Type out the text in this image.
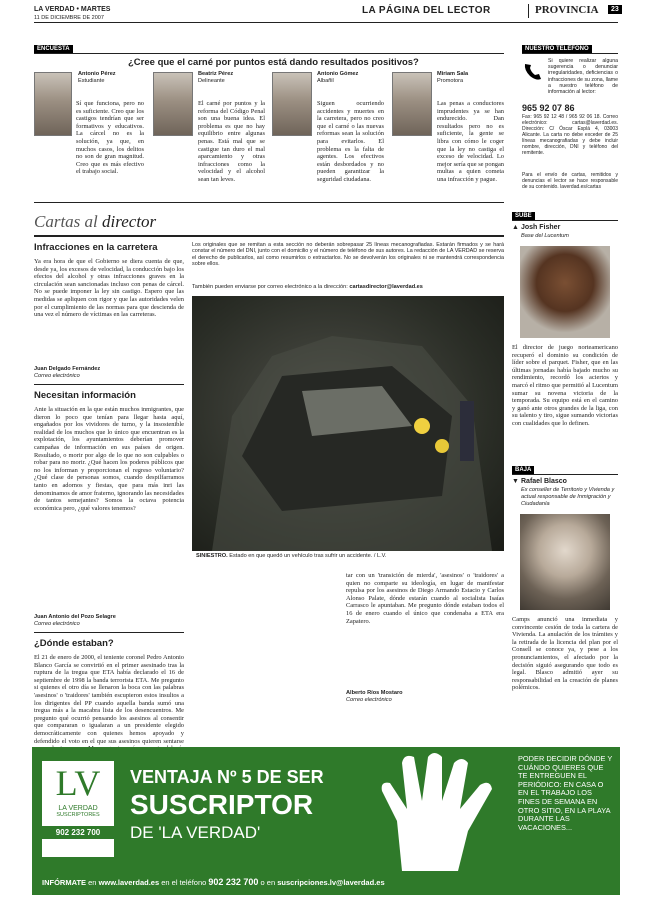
LA VERDAD • MARTES
11 DE DICIEMBRE DE 2007
LA PÁGINA DEL LECTOR	PROVINCIA	23
ENCUESTA
¿Cree que el carné por puntos está dando resultados positivos?
Antonio Pérez
Estudiante
Sí que funciona, pero no es suficiente. Creo que los castigos tendrían que ser formativos y educativos. La cárcel no es la solución, ya que, en muchos casos, los delitos no son de gran magnitud. Creo que es más efectivo el trabajo social.
Beatriz Pérez
Delineante
El carné por puntos y la reforma del Código Penal son una buena idea. El problema es que no hay equilibrio entre algunas penas. Está mal que se castigue tan duro el mal aparcamiento y otras infracciones como la velocidad y el alcohol sean tan leves.
Antonio Gómez
Albañil
Siguen ocurriendo accidentes y muertes en la carretera, pero no creo que el carné o las nuevas reformas sean la solución para evitarlos. El problema es la falta de agentes. Los efectivos están desbordados y no pueden garantizar la seguridad ciudadana.
Miriam Sala
Promotora
Las penas a conductores imprudentes ya se han endurecido. Dan resultados pero no es suficiente, la gente se libra con cómo le coger que la ley no castiga el exceso de velocidad. Lo mejor sería que se pongan multas a quien cometa una infracción y pague.
NUESTRO TELÉFONO
Si quiere realizar alguna sugerencia o denunciar irregularidades, deficiencias o infracciones de su zona, llame a nuestro teléfono de información al lector:
965 92 07 86
Fax: 965 92 12 48 / 965 92 06 18. Correo electrónico: cartas@laverdad.es. Dirección: C/ Óscar Esplá 4, 03003 Alicante. La carta no debe exceder de 25 líneas mecanografiadas y debe incluir nombre, dirección, DNI y teléfono del remitente.
Para el envío de cartas, remitidos y denuncias el lector se hace responsable de su contenido. laverdad.es/cartas
Cartas al director
Infracciones en la carretera
Ya era hora de que el Gobierno se diera cuenta de que, desde ya, los excesos de velocidad, la conducción bajo los efectos del alcohol y otras infracciones graves en la circulación sean sancionadas incluso con penas de cárcel. No se puede imponer la ley sin castigo. Espero que las medidas se apliquen con rigor y que las autoridades velen por el cumplimiento de las normas para que descienda de una vez el número de víctimas en las carreteras.
Juan Delgado Fernández
Correo electrónico
Necesitan información
Ante la situación en la que están muchos inmigrantes, que dieron lo poco que tenían para llegar hasta aquí, engañados por los vividores de turno, y la insostenible realidad de los muchos que lo único que encuentran es la explotación, los ayuntamientos deberían promover campañas de información en sus países de origen. Resultado, o morir por algo de lo que no son culpables o robar para no morir. ¿Qué hacen los poderes públicos que no los informan y proporcionan el regreso voluntario? ¿Qué clase de personas somos, cuando despilfarramos tanto en adornos y fiestas, que para más inri las denominamos de amor fraterno, ignorando las necesidades de tantos semejantes? Somos la octava potencia económica pero, ¿qué valores tenemos?
Juan Antonio del Pozo Selagre
Correo electrónico
¿Dónde estaban?
El 21 de enero de 2000, el teniente coronel Pedro Antonio Blanco García se convirtió en el primer asesinado tras la ruptura de la tregua que ETA había declarado el 16 de septiembre de 1998 la banda terrorista ETA. Me pregunto si quienes el otro día se llenaron la boca con las palabras 'asesinos' o 'traidores' también escupieron estos insultos a los dirigentes del PP cuando aquella banda sumó una tregua más a la macabra lista de los desencuentros. Me pregunto qué ocurrió pensando los asesinos al consentir que compararan o igualaran a un presidente elegido democráticamente con quienes hemos apoyado y defendido el voto en el que sus asesinos quieren sentarse
Los originales que se remitan a esta sección no deberán sobrepasar 25 líneas mecanografiadas. Estarán firmados y se hará constar el número del DNI, junto con el domicilio y el número de teléfono de sus autores. La redacción de LA VERDAD se reserva el derecho de publicarlos, así como resumirlos o extractarlos. No se devolverán los originales ni se mantendrá correspondencia sobre ellos.
También pueden enviarse por correo electrónico a la dirección: cartasdirector@laverdad.es
SINIESTRO. Estado en que quedó un vehículo tras sufrir un accidente. / L.V.
tar con un 'transición de mierda', 'asesinos' o 'traidores' a quien no comparte su ideología, en lugar de manifestar repulsa por los asesinos de Diego Armando Estacio y Carlos Alonso Palate, dónde estarán cuando al socialista Isaías Carrasco le apuntaban. Me pregunto dónde estaban todos el 16 de enero cuando el único que condenaba a ETA era Zapatero.
Alberto Ríos Mostaro
Correo electrónico
SUBE
▲ Josh Fisher
Base del Lucentum
El director de juego norteamericano recuperó el dominio su condición de líder sobre el parquet. Fisher, que en las últimas jornadas había bajado mucho su rendimiento, recordó los aciertos y marcó el ritmo que permitió al Lucentum sumar su novena victoria de la temporada. Su equipo está en el camino y ganó ante otros grandes de la liga, con su talento y tiro, sigue sumando victorias con cualidades que lo definen.
BAJA
▼ Rafael Blasco
Ex conseller de Territorio y Vivienda y actual responsable de Inmigración y Ciudadanía
Camps anunció una inmediata y convincente cesión de toda la cartera de Vivienda. La anulación de los trámites y la retirada de la licencia del plan por el Consell se conoce ya, y pese a los pronunciamientos, el afectado por la decisión siguió asegurando que todo es legal. Blasco admitió ayer su responsabilidad en la creación de planes polémicos.
LV
LA VERDAD
SUSCRIPTORES
902 232 700
VENTAJA Nº 5 DE SER
SUSCRIPTOR
DE 'LA VERDAD'
PODER DECIDIR DÓNDE Y CUÁNDO QUIERES QUE TE ENTREGUEN EL PERIÓDICO: EN CASA O EN EL TRABAJO LOS FINES DE SEMANA EN OTRO SITIO, EN LA PLAYA DURANTE LAS VACACIONES...
INFÓRMATE en www.laverdad.es en el teléfono 902 232 700 o en suscripciones.lv@laverdad.es
